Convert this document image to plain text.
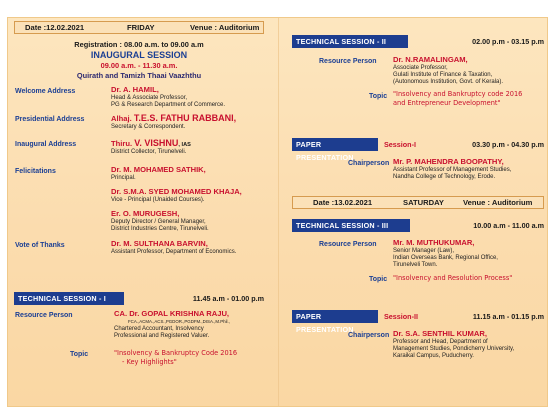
Date :12.02.2021	FRIDAY	Venue : Auditorium
Registration : 08.00 a.m. to 09.00 a.m
INAUGURAL SESSION
09.00 a.m. - 11.30 a.m.
Quirath and Tamizh Thaai Vaazhthu
Welcome Address	Dr. A. HAMIL,
Head & Associate Professor,
PG & Research Department of Commerce.
Presidential Address	Alhaj. T.E.S. FATHU RABBANI,
Secretary & Correspondent.
Inaugural Address	Thiru. V. VISHNU, IAS
District Collector, Tirunelveli.
Felicitations	Dr. M. MOHAMED SATHIK,
Principal.
Dr. S.M.A. SYED MOHAMED KHAJA,
Vice - Principal (Unaided Courses).
Er. O. MURUGESH,
Deputy Director / General Manager,
District Industries Centre, Tirunelveli.
Vote of Thanks	Dr. M. SULTHANA BARVIN,
Assistant Professor, Department of Economics.
TECHNICAL SESSION - I	11.45 a.m - 01.00 p.m
Resource Person	CA. Dr. GOPAL KRISHNA RAJU,
FCA.,ACMA.,ACS.,PGDOR.,PGDFM.,DISA.,M.Phil.,
Chartered Accountant, Insolvency
Professional and Registered Valuer.
Topic	"Insolvency & Bankruptcy Code 2016
- Key Highlights"
TECHNICAL SESSION - II	02.00 p.m - 03.15 p.m
Resource Person Dr. N.RAMALINGAM,
Associate Professor,
Gulati Institute of Finance & Taxation,
(Autonomous Institution, Govt. of Kerala).
Topic "Insolvency and Bankruptcy code 2016
and Entrepreneur Development"
PAPER PRESENTATION
Session-I	03.30 p.m - 04.30 p.m
Chairperson Mr. P. MAHENDRA BOOPATHY,
Assistant Professor of Management Studies,
Nandha College of Technology, Erode.
Date :13.02.2021	SATURDAY	Venue : Auditorium
TECHNICAL SESSION - III	10.00 a.m - 11.00 a.m
Resource Person Mr. M. MUTHUKUMAR,
Senior Manager (Law),
Indian Overseas Bank, Regional Office,
Tirunelveli Town.
Topic "Insolvency and Resolution Process"
PAPER PRESENTATION
Session-II	11.15 a.m - 01.15 p.m
Chairperson Dr. S.A. SENTHIL KUMAR,
Professor and Head, Department of
Management Studies, Pondicherry University,
Karaikal Campus, Puducherry.
